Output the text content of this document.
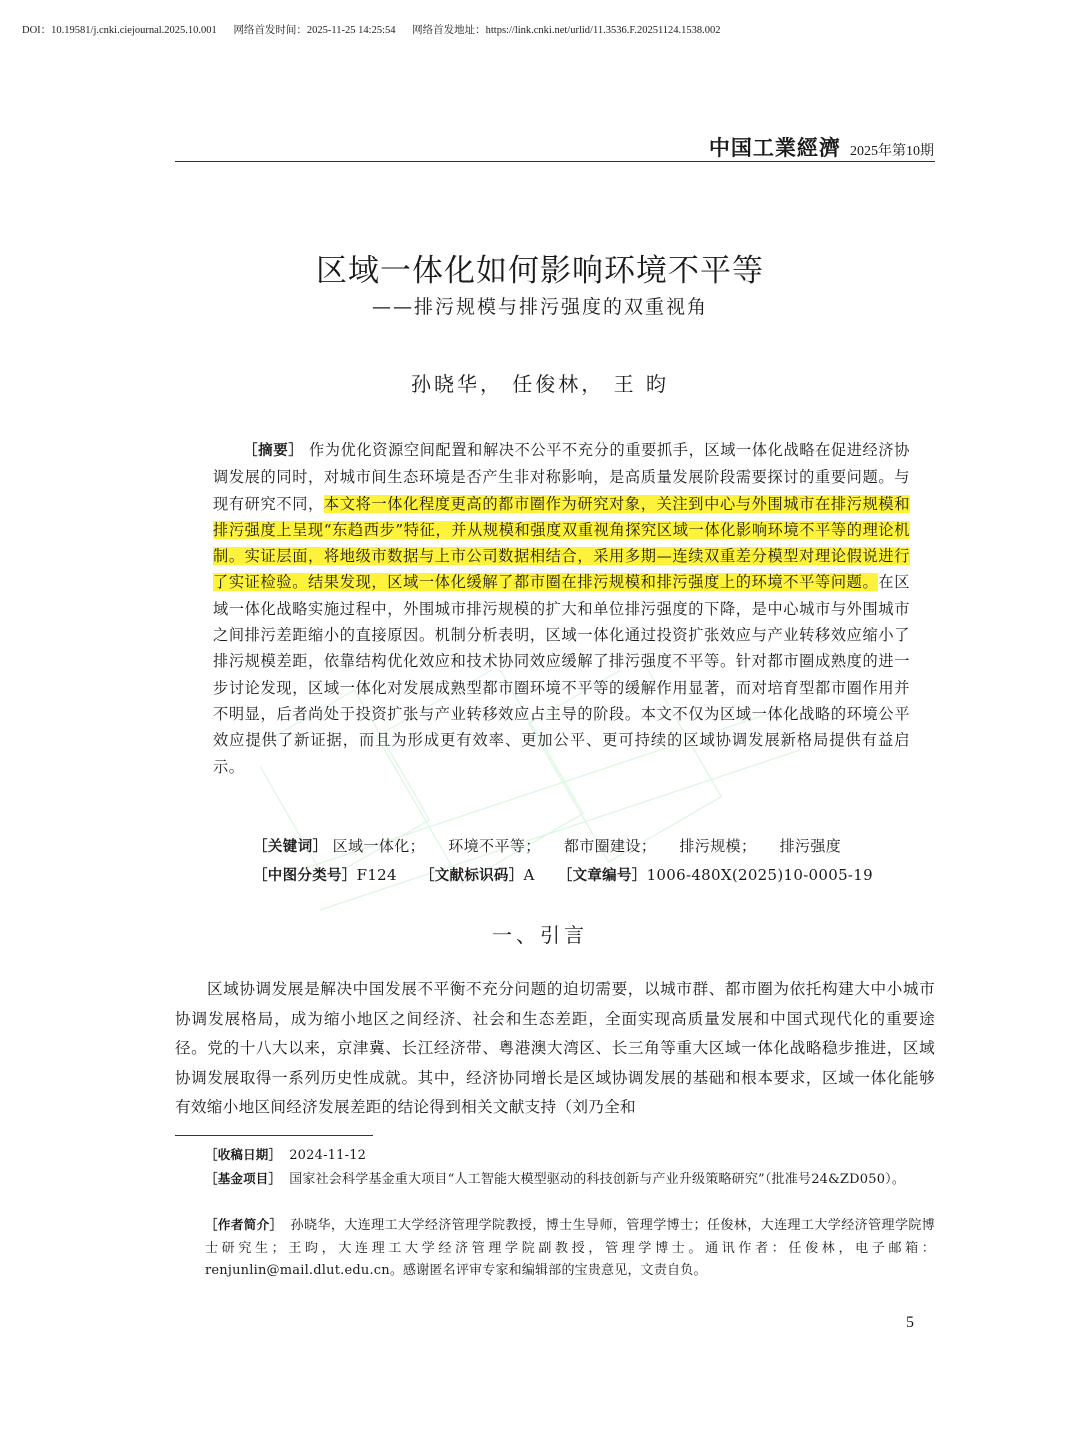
DOI：10.19581/j.cnki.ciejournal.2025.10.001 网络首发时间：2025-11-25 14:25:54 网络首发地址：https://link.cnki.net/urlid/11.3536.F.20251124.1538.002
中国工業經濟 2025年第10期
区域一体化如何影响环境不平等
——排污规模与排污强度的双重视角
孙晓华， 任俊林， 王 昀
［摘要］ 作为优化资源空间配置和解决不公平不充分的重要抓手，区域一体化战略在促进经济协调发展的同时，对城市间生态环境是否产生非对称影响，是高质量发展阶段需要探讨的重要问题。与现有研究不同，本文将一体化程度更高的都市圈作为研究对象，关注到中心与外围城市在排污规模和排污强度上呈现“东趋西步”特征，并从规模和强度双重视角探究区域一体化影响环境不平等的理论机制。实证层面，将地级市数据与上市公司数据相结合，采用多期—连续双重差分模型对理论假说进行了实证检验。结果发现，区域一体化缓解了都市圈在排污规模和排污强度上的环境不平等问题。在区域一体化战略实施过程中，外围城市排污规模的扩大和单位排污强度的下降，是中心城市与外围城市之间排污差距缩小的直接原因。机制分析表明，区域一体化通过投资扩张效应与产业转移效应缩小了排污规模差距，依靠结构优化效应和技术协同效应缓解了排污强度不平等。针对都市圈成熟度的进一步讨论发现，区域一体化对发展成熟型都市圈环境不平等的缓解作用显著，而对培育型都市圈作用并不明显，后者尚处于投资扩张与产业转移效应占主导的阶段。本文不仅为区域一体化战略的环境公平效应提供了新证据，而且为形成更有效率、更加公平、更可持续的区域协调发展新格局提供有益启示。
［关键词］ 区域一体化； 环境不平等； 都市圈建设； 排污规模； 排污强度
［中图分类号］F124 ［文献标识码］A ［文章编号］1006-480X(2025)10-0005-19
一、引言
区域协调发展是解决中国发展不平衡不充分问题的迫切需要，以城市群、都市圈为依托构建大中小城市协调发展格局，成为缩小地区之间经济、社会和生态差距，全面实现高质量发展和中国式现代化的重要途径。党的十八大以来，京津冀、长江经济带、粤港澳大湾区、长三角等重大区域一体化战略稳步推进，区域协调发展取得一系列历史性成就。其中，经济协同增长是区域协调发展的基础和根本要求，区域一体化能够有效缩小地区间经济发展差距的结论得到相关文献支持（刘乃全和
［收稿日期］ 2024-11-12
［基金项目］ 国家社会科学基金重大项目“人工智能大模型驱动的科技创新与产业升级策略研究”（批准号24&ZD050）。
［作者简介］ 孙晓华，大连理工大学经济管理学院教授，博士生导师，管理学博士；任俊林，大连理工大学经济管理学院博士研究生；王昀，大连理工大学经济管理学院副教授，管理学博士。通讯作者：任俊林，电子邮箱：renjunlin@mail.dlut.edu.cn。感谢匿名评审专家和编辑部的宝贵意见，文责自负。
5
